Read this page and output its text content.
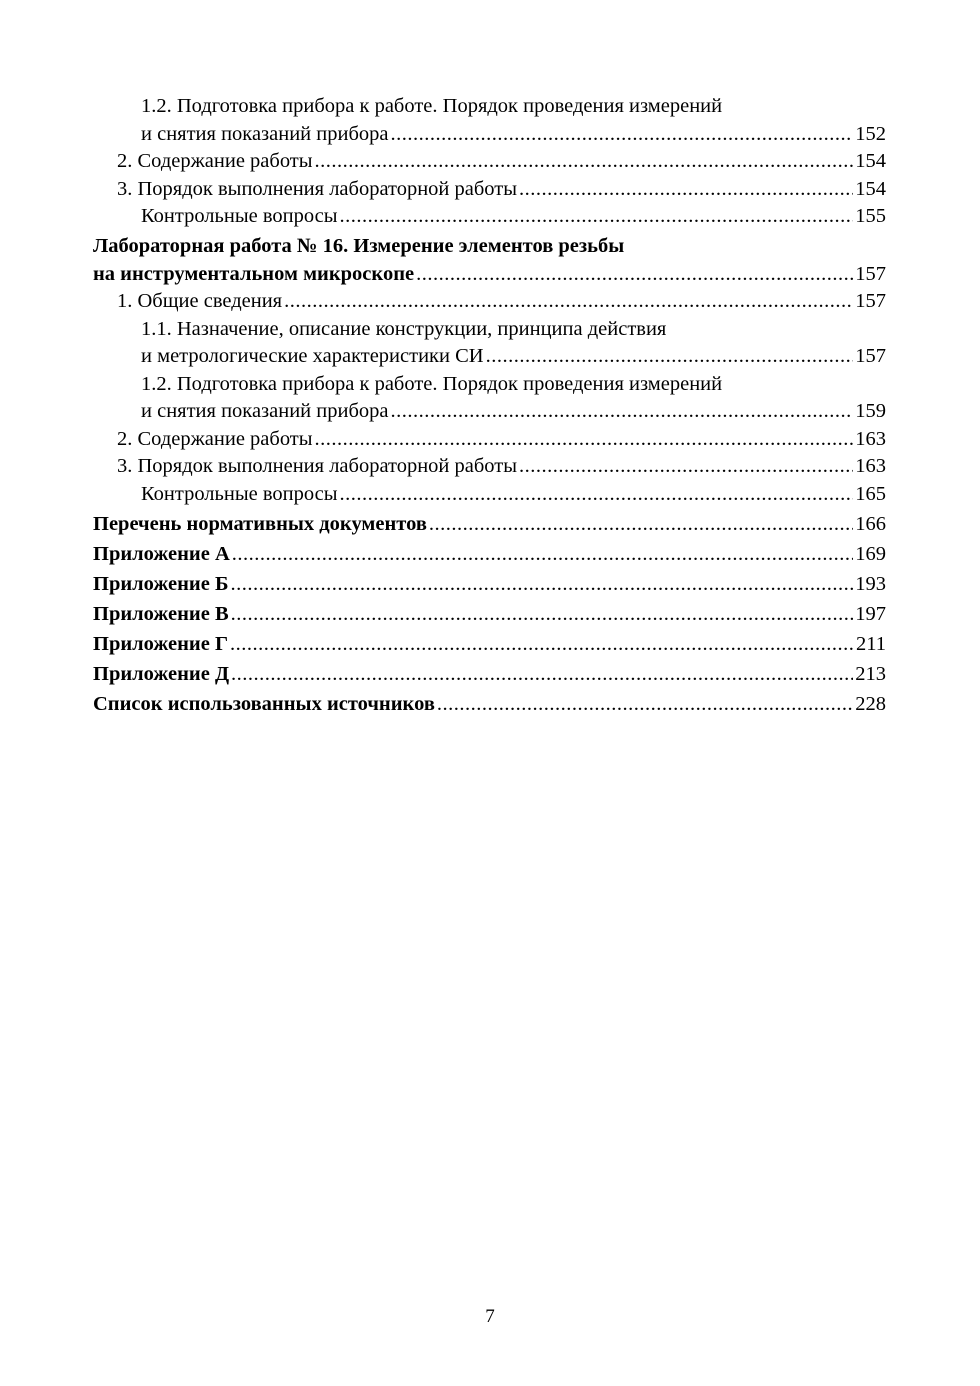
1.2. Подготовка прибора к работе. Порядок проведения измерений
и снятия показаний прибора .....	152
2. Содержание работы .....	154
3. Порядок выполнения лабораторной работы .....	154
Контрольные вопросы .....	155
Лабораторная работа № 16. Измерение элементов резьбы
на инструментальном микроскопе .....	157
1. Общие сведения .....	157
1.1. Назначение, описание конструкции, принципа действия
и метрологические характеристики СИ .....	157
1.2. Подготовка прибора к работе. Порядок проведения измерений
и снятия показаний прибора .....	159
2. Содержание работы .....	163
3. Порядок выполнения лабораторной работы .....	163
Контрольные вопросы .....	165
Перечень нормативных документов .....	166
Приложение А .....	169
Приложение Б .....	193
Приложение В .....	197
Приложение Г .....	211
Приложение Д .....	213
Список использованных источников .....	228
7
